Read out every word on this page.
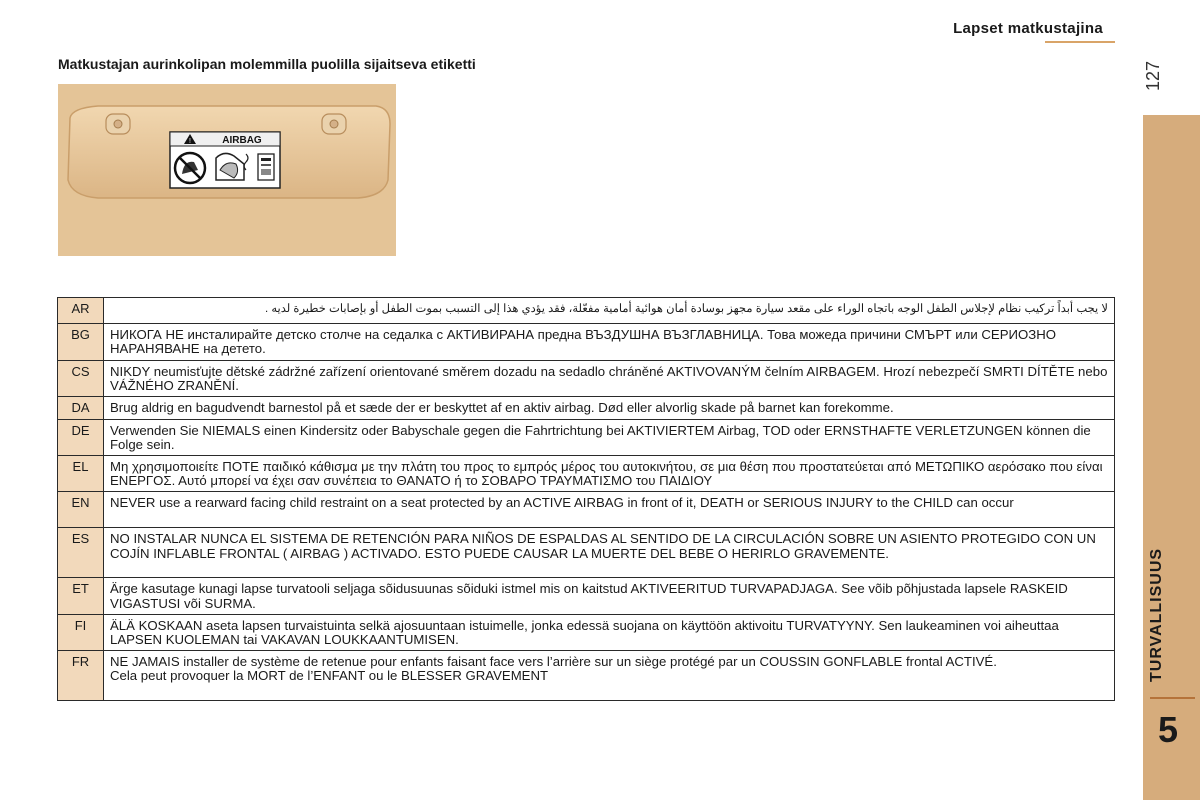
Lapset matkustajina
127
TURVALLISUUS
5
Matkustajan aurinkolipan molemmilla puolilla sijaitseva etiketti
!	AIRBAG
AR	لا يجب أبداً تركيب نظام لإجلاس الطفل الوجه باتجاه الوراء على مقعد سيارة مجهز بوسادة أمان هوائية أمامية مفعّلة، فقد يؤدي هذا إلى التسبب بموت الطفل أو بإصابات خطيرة لديه .
BG	НИКОГА НЕ инсталирайте детско столче на седалка с АКТИВИРАНА предна ВЪЗДУШНА ВЪЗГЛАВНИЦА. Това можеда причини СМЪРТ или СЕРИОЗНО НАРАНЯВАНЕ на детето.
CS	NIKDY neumisťujte dětské zádržné zařízení orientované směrem dozadu na sedadlo chráněné AKTIVOVANÝM čelním AIRBAGEM. Hrozí nebezpečí SMRTI DÍTĚTE nebo VÁŽNÉHO ZRANĚNÍ.
DA	Brug aldrig en bagudvendt barnestol på et sæde der er beskyttet af en aktiv airbag. Død eller alvorlig skade på barnet kan forekomme.
DE	Verwenden Sie NIEMALS einen Kindersitz oder Babyschale gegen die Fahrtrichtung bei AKTIVIERTEM Airbag, TOD oder ERNSTHAFTE VERLETZUNGEN können die Folge sein.
EL	Μη χρησιμοποιείτε ΠΟΤΕ παιδικό κάθισμα με την πλάτη του προς το εμπρός μέρος του αυτοκινήτου, σε μια θέση που προστατεύεται από ΜΕΤΩΠΙΚΟ αερόσακο που είναι ΕΝΕΡΓΟΣ. Αυτό μπορεί να έχει σαν συνέπεια το ΘΑΝΑΤΟ ή το ΣΟΒΑΡΟ ΤΡΑΥΜΑΤΙΣΜΟ του ΠΑΙΔΙΟΥ
EN	NEVER use a rearward facing child restraint on a seat protected by an ACTIVE AIRBAG in front of it, DEATH or SERIOUS INJURY to the CHILD can occur
ES	NO INSTALAR NUNCA EL SISTEMA DE RETENCIÓN PARA NIÑOS DE ESPALDAS AL SENTIDO DE LA CIRCULACIÓN SOBRE UN ASIENTO PROTEGIDO CON UN COJÍN INFLABLE FRONTAL ( AIRBAG ) ACTIVADO. ESTO PUEDE CAUSAR LA MUERTE DEL BEBE O HERIRLO GRAVEMENTE.
ET	Ärge kasutage kunagi lapse turvatooli seljaga sõidusuunas sõiduki istmel mis on kaitstud AKTIVEERITUD TURVAPADJAGA. See võib põhjustada lapsele RASKEID VIGASTUSI või SURMA.
FI	ÄLÄ KOSKAAN aseta lapsen turvaistuinta selkä ajosuuntaan istuimelle, jonka edessä suojana on käyttöön aktivoitu TURVATYYNY. Sen laukeaminen voi aiheuttaa LAPSEN KUOLEMAN tai VAKAVAN LOUKKAANTUMISEN.
FR	NE JAMAIS installer de système de retenue pour enfants faisant face vers l’arrière sur un siège protégé par un COUSSIN GONFLABLE frontal ACTIVÉ.
Cela peut provoquer la MORT de l’ENFANT ou le BLESSER GRAVEMENT
